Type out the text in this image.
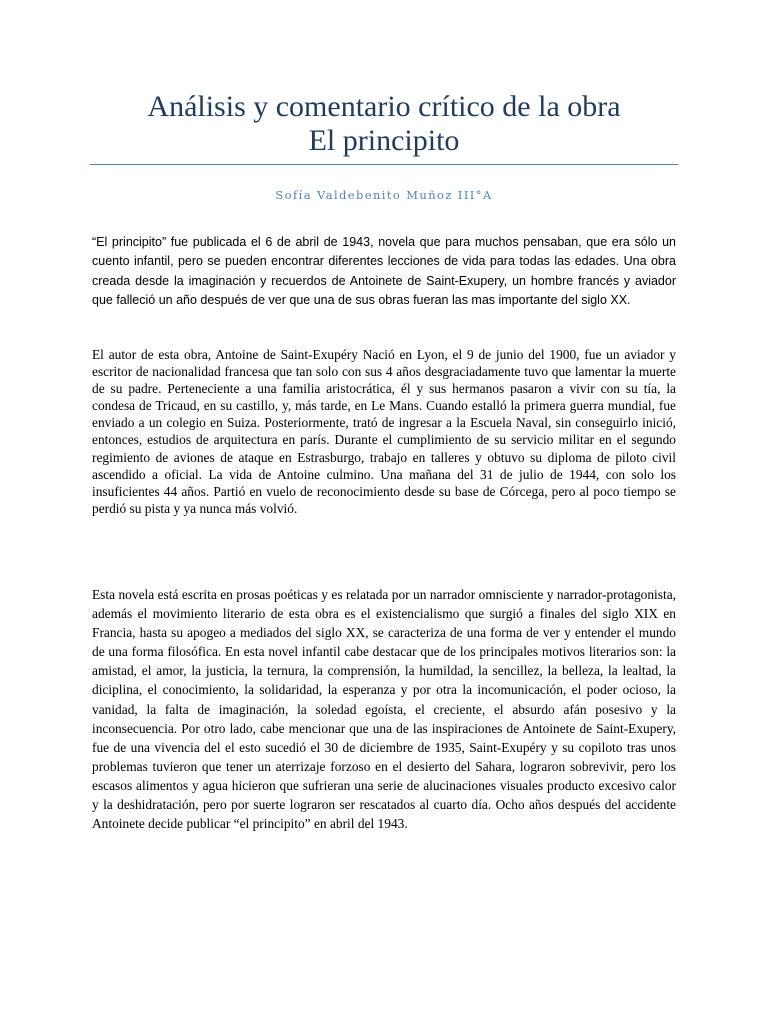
Análisis y comentario crítico de la obra
El principito

Sofía Valdebenito Muñoz III°A

“El principito” fue publicada el 6 de abril de 1943, novela que para muchos pensaban, que era sólo un cuento infantil, pero se pueden encontrar diferentes lecciones de vida para todas las edades. Una obra creada desde la imaginación y recuerdos de Antoinete de Saint-Exupery, un hombre francés y aviador que falleció un año después de ver que una de sus obras fueran las mas importante del siglo XX.

El autor de esta obra, Antoine de Saint-Exupéry Nació en Lyon, el 9 de junio del 1900, fue un aviador y escritor de nacionalidad francesa que tan solo con sus 4 años desgraciadamente tuvo que lamentar la muerte de su padre. Perteneciente a una familia aristocrática, él y sus hermanos pasaron a vivir con su tía, la condesa de Tricaud, en su castillo, y, más tarde, en Le Mans. Cuando estalló la primera guerra mundial, fue enviado a un colegio en Suiza. Posteriormente, trató de ingresar a la Escuela Naval, sin conseguirlo inició, entonces, estudios de arquitectura en parís. Durante el cumplimiento de su servicio militar en el segundo regimiento de aviones de ataque en Estrasburgo, trabajo en talleres y obtuvo su diploma de piloto civil ascendido a oficial. La vida de Antoine culmino. Una mañana del 31 de julio de 1944, con solo los insuficientes 44 años. Partió en vuelo de reconocimiento desde su base de Córcega, pero al poco tiempo se perdió su pista y ya nunca más volvió.

Esta novela está escrita en prosas poéticas y es relatada por un narrador omnisciente y narrador-protagonista, además el movimiento literario de esta obra es el existencialismo que surgió a finales del siglo XIX en Francia, hasta su apogeo a mediados del siglo XX, se caracteriza de una forma de ver y entender el mundo de una forma filosófica. En esta novel infantil cabe destacar que de los principales motivos literarios son: la amistad, el amor, la justicia, la ternura, la comprensión, la humildad, la sencillez, la belleza, la lealtad, la diciplina, el conocimiento, la solidaridad, la esperanza y por otra la incomunicación, el poder ocioso, la vanidad, la falta de imaginación, la soledad egoísta, el creciente, el absurdo afán posesivo y la inconsecuencia. Por otro lado, cabe mencionar que una de las inspiraciones de Antoinete de Saint-Exupery, fue de una vivencia del el esto sucedió el 30 de diciembre de 1935, Saint-Exupéry y su copiloto tras unos problemas tuvieron que tener un aterrizaje forzoso en el desierto del Sahara, lograron sobrevivir, pero los escasos alimentos y agua hicieron que sufrieran una serie de alucinaciones visuales producto excesivo calor y la deshidratación, pero por suerte lograron ser rescatados al cuarto día. Ocho años después del accidente Antoinete decide publicar “el principito” en abril del 1943.
